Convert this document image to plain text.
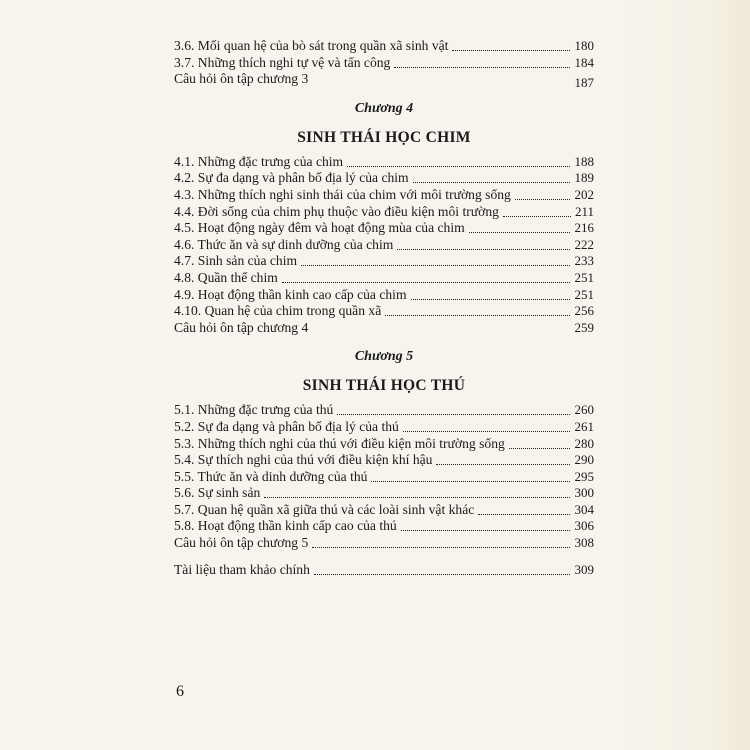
3.6. Mối quan hệ của bò sát trong quần xã sinh vật	180
3.7. Những thích nghi tự vệ và tấn công	184
Câu hỏi ôn tập chương 3	187
Chương 4
SINH THÁI HỌC CHIM
4.1. Những đặc trưng của chim	188
4.2. Sự đa dạng và phân bố địa lý của chim	189
4.3. Những thích nghi sinh thái của chim với môi trường sống	202
4.4. Đời sống của chim phụ thuộc vào điều kiện môi trường	211
4.5. Hoạt động ngày đêm và hoạt động mùa của chim	216
4.6. Thức ăn và sự dinh dưỡng của chim	222
4.7. Sinh sản của chim	233
4.8. Quần thể chim	251
4.9. Hoạt động thần kinh cao cấp của chim	251
4.10. Quan hệ của chim trong quần xã	256
Câu hỏi ôn tập chương 4	259
Chương 5
SINH THÁI HỌC THÚ
5.1. Những đặc trưng của thú	260
5.2. Sự đa dạng và phân bố địa lý của thú	261
5.3. Những thích nghi của thú với điều kiện môi trường sống	280
5.4. Sự thích nghi của thú với điều kiện khí hậu	290
5.5. Thức ăn và dinh dưỡng của thú	295
5.6. Sự sinh sản	300
5.7. Quan hệ quần xã giữa thú và các loài sinh vật khác	304
5.8. Hoạt động thần kinh cấp cao của thú	306
Câu hỏi ôn tập chương 5	308
Tài liệu tham khảo chính	309
6
